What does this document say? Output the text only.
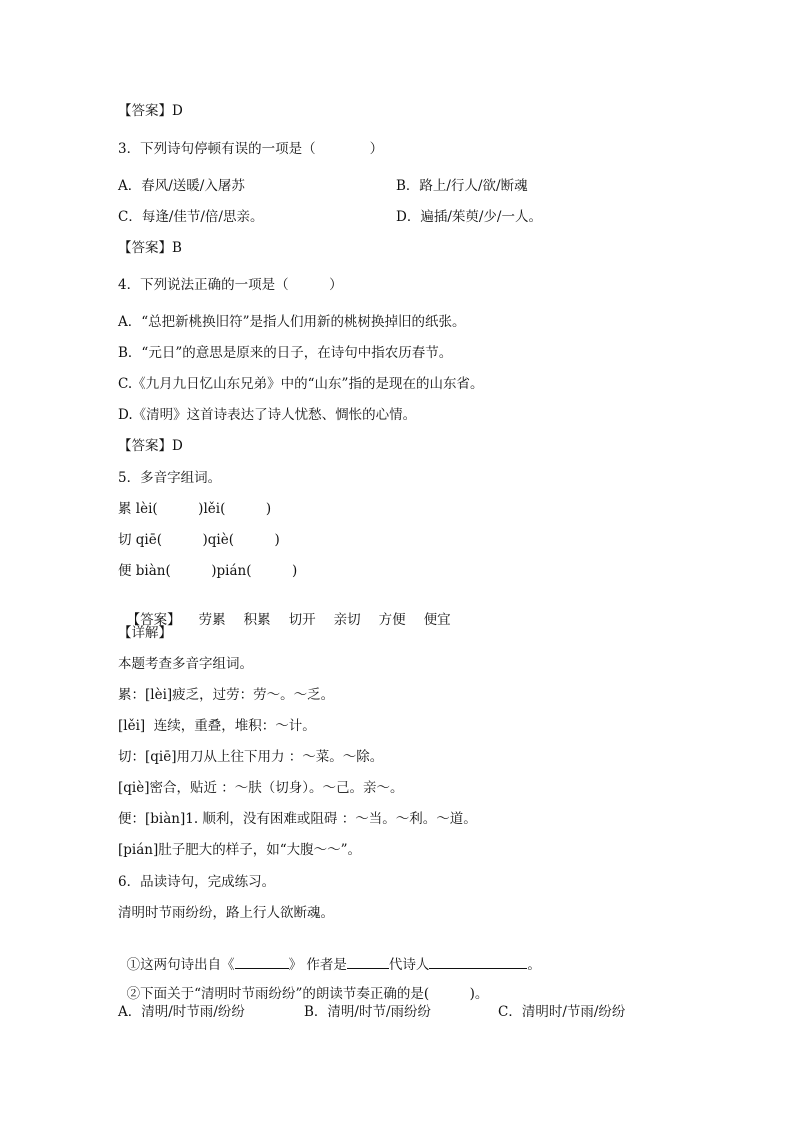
【答案】D
3．下列诗句停顿有误的一项是（　　　　）
A．春风/送暖/入屠苏	B．路上/行人/欲/断魂
C．每逢/佳节/倍/思亲。	D．遍插/茱萸/少/一人。
【答案】B
4．下列说法正确的一项是（　　　）
A．“总把新桃换旧符”是指人们用新的桃树换掉旧的纸张。
B．“元日”的意思是原来的日子，在诗句中指农历春节。
C.《九月九日忆山东兄弟》中的“山东”指的是现在的山东省。
D.《清明》这首诗表达了诗人忧愁、惆怅的心情。
【答案】D
5．多音字组词。
累 lèi(　　　)lěi(　　　)
切 qiē(　　　)qiè(　　　)
便 biàn(　　　)pián(　　　)

【答案】 劳累 积累 切开 亲切 方便 便宜

【详解】
本题考查多音字组词。
累：[lèi]疲乏，过劳：劳～。～乏。
[lěi]  连续，重叠，堆积：～计。
切：[qiē]用刀从上往下用力 ：～菜。～除。
[qiè]密合，贴近 ：～肤（切身）。～己。亲～。
便：[biàn]1. 顺利，没有困难或阻碍 ：～当。～利。～道。
[pián]肚子肥大的样子，如“大腹～～”。
6．品读诗句，完成练习。
清明时节雨纷纷，路上行人欲断魂。

①这两句诗出自《	》 作者是	代诗人	。

②下面关于“清明时节雨纷纷”的朗读节奏正确的是(　　　)。

A．清明/时节雨/纷纷	B．清明/时节/雨纷纷	C．清明时/节雨/纷纷
